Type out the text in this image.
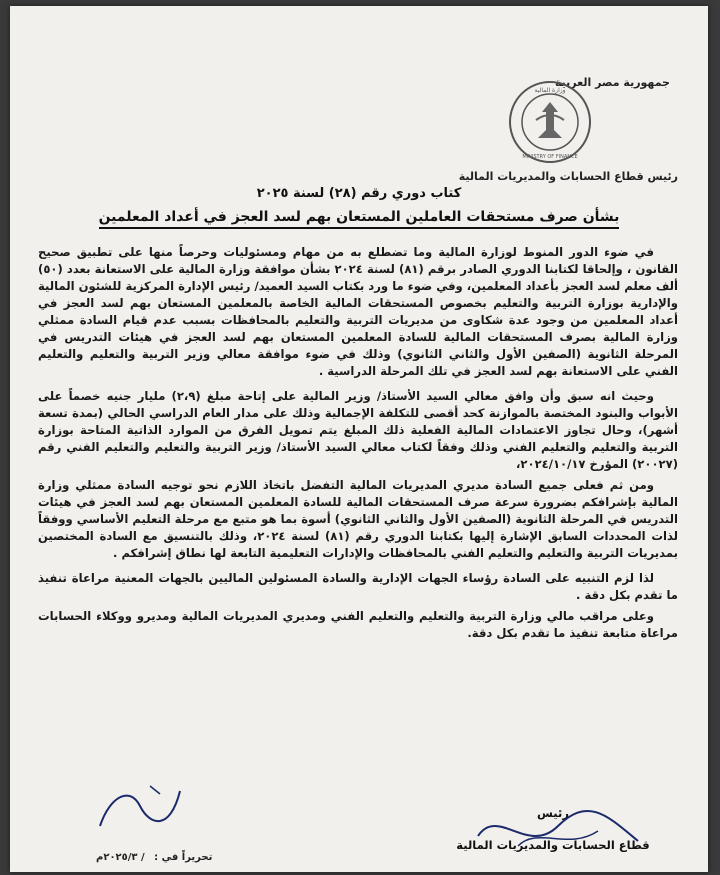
جمهورية مصر العربية
وزارة المالية
MINISTRY OF FINANCE
رئيس قطاع الحسابات والمديريات المالية
كتاب دوري رقم (٢٨) لسنة ٢٠٢٥
بشأن صرف مستحقات العاملين المستعان بهم لسد العجز في أعداد المعلمين

في ضوء الدور المنوط لوزارة المالية وما تضطلع به من مهام ومسئوليات وحرصاً منها على تطبيق صحيح القانون ، وإلحاقا لكتابنا الدوري الصادر برقم (٨١) لسنة ٢٠٢٤ بشأن موافقة وزارة المالية على الاستعانة بعدد (٥٠) ألف معلم لسد العجز بأعداد المعلمين، وفي ضوء ما ورد بكتاب السيد العميد/ رئيس الإدارة المركزية للشئون المالية والإدارية بوزارة التربية والتعليم بخصوص المستحقات المالية الخاصة بالمعلمين المستعان بهم لسد العجز في أعداد المعلمين من وجود عدة شكاوى من مديريات التربية والتعليم بالمحافظات بسبب عدم قيام السادة ممثلي وزارة المالية بصرف المستحقات المالية للسادة المعلمين المستعان بهم لسد العجز في هيئات التدريس في المرحلة الثانوية (الصفين الأول والثاني الثانوي) وذلك في ضوء موافقة معالي وزير التربية والتعليم والتعليم الفني على الاستعانة بهم لسد العجز في تلك المرحلة الدراسية .

وحيث انه سبق وأن وافق معالي السيد الأستاذ/ وزير المالية على إتاحة مبلغ (٢،٩) مليار جنيه خصماً على الأبواب والبنود المختصة بالموازنة كحد أقصى للتكلفة الإجمالية وذلك على مدار العام الدراسي الحالي (بمدة تسعة أشهر)، وحال تجاوز الاعتمادات المالية الفعلية ذلك المبلغ يتم تمويل الفرق من الموارد الذاتية المتاحة بوزارة التربية والتعليم والتعليم الفني وذلك وفقاً لكتاب معالي السيد الأستاذ/ وزير التربية والتعليم والتعليم الفني رقم (٢٠٠٢٧) المؤرخ ٢٠٢٤/١٠/١٧،

ومن ثم فعلى جميع السادة مديري المديريات المالية التفضل باتخاذ اللازم نحو توجيه السادة ممثلي وزارة المالية بإشرافكم بضرورة سرعة صرف المستحقات المالية للسادة المعلمين المستعان بهم لسد العجز في هيئات التدريس في المرحلة الثانوية (الصفين الأول والثاني الثانوي) أسوة بما هو متبع مع مرحلة التعليم الأساسي ووفقاً لذات المحددات السابق الإشارة إليها بكتابنا الدوري رقم (٨١) لسنة ٢٠٢٤، وذلك بالتنسيق مع السادة المختصين بمديريات التربية والتعليم والتعليم الفني بالمحافظات والإدارات التعليمية التابعة لها نطاق إشرافكم .

لذا لزم التنبيه على السادة رؤساء الجهات الإدارية والسادة المسئولين الماليين بالجهات المعنية مراعاة تنفيذ ما تقدم بكل دقة .

وعلى مراقب مالي وزارة التربية والتعليم والتعليم الفني ومديري المديريات المالية ومديرو ووكلاء الحسابات مراعاة متابعة تنفيذ ما تقدم بكل دقة.

رئيس
قطاع الحسابات والمديريات المالية
تحريراً في : / ٢٠٢٥/٣م
